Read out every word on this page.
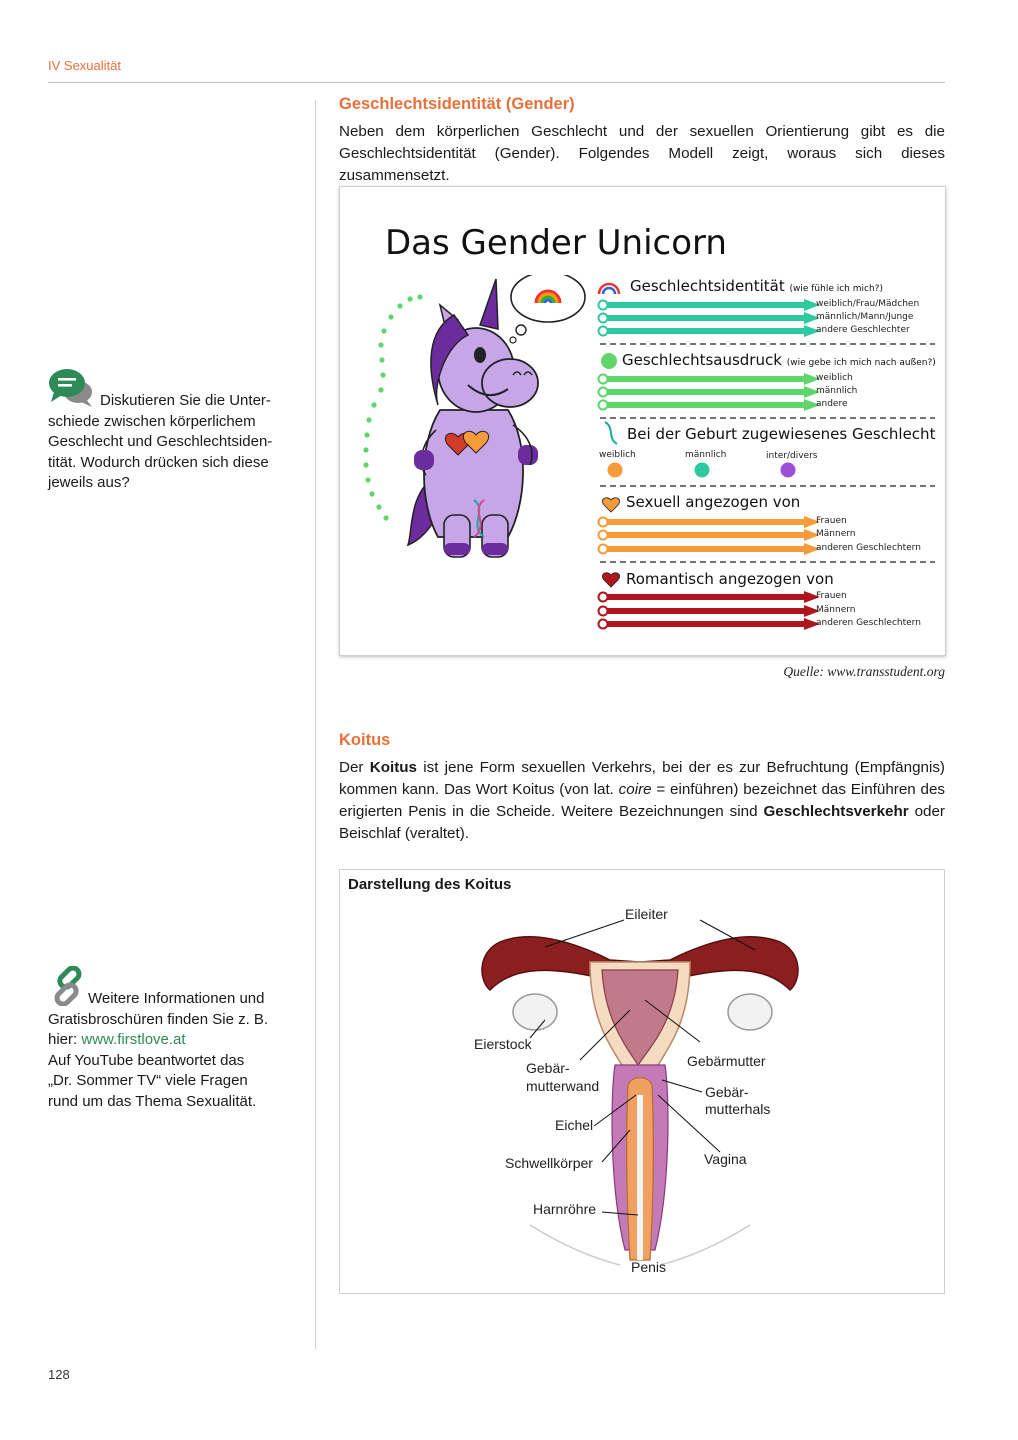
IV Sexualität
Diskutieren Sie die Unter-
schiede zwischen körperlichem
Geschlecht und Geschlechtsiden-
tität. Wodurch drücken sich diese
jeweils aus?
Weitere Informationen und
Gratisbroschüren finden Sie z. B.
hier: www.firstlove.at
Auf YouTube beantwortet das
„Dr. Sommer TV“ viele Fragen
rund um das Thema Sexualität.
Geschlechtsidentität (Gender)

Neben dem körperlichen Geschlecht und der sexuellen Orientierung gibt es die Geschlechtsidentität (Gender). Folgendes Modell zeigt, woraus sich dieses zusammensetzt.

Das Gender Unicorn
Geschlechtsidentität (wie fühle ich mich?)
weiblich/Frau/Mädchen
männlich/Mann/Junge
andere Geschlechter
Geschlechtsausdruck (wie gebe ich mich nach außen?)
weiblich
männlich
andere
Bei der Geburt zugewiesenes Geschlecht
weiblich	männlich	inter/divers
Sexuell angezogen von
Frauen
Männern
anderen Geschlechtern
Romantisch angezogen von
Frauen
Männern
anderen Geschlechtern
Quelle: www.transstudent.org
Koitus

Der Koitus ist jene Form sexuellen Verkehrs, bei der es zur Befruchtung (Empfängnis) kommen kann. Das Wort Koitus (von lat. coire = einführen) bezeichnet das Einführen des erigierten Penis in die Scheide. Weitere Bezeichnungen sind Geschlechtsverkehr oder Beischlaf (veraltet).

Darstellung des Koitus
Eileiter
Eierstock
Gebär-
mutterwand
Gebärmutter
Gebär-
mutterhals
Eichel
Vagina
Schwellkörper
Harnröhre
Penis
128
